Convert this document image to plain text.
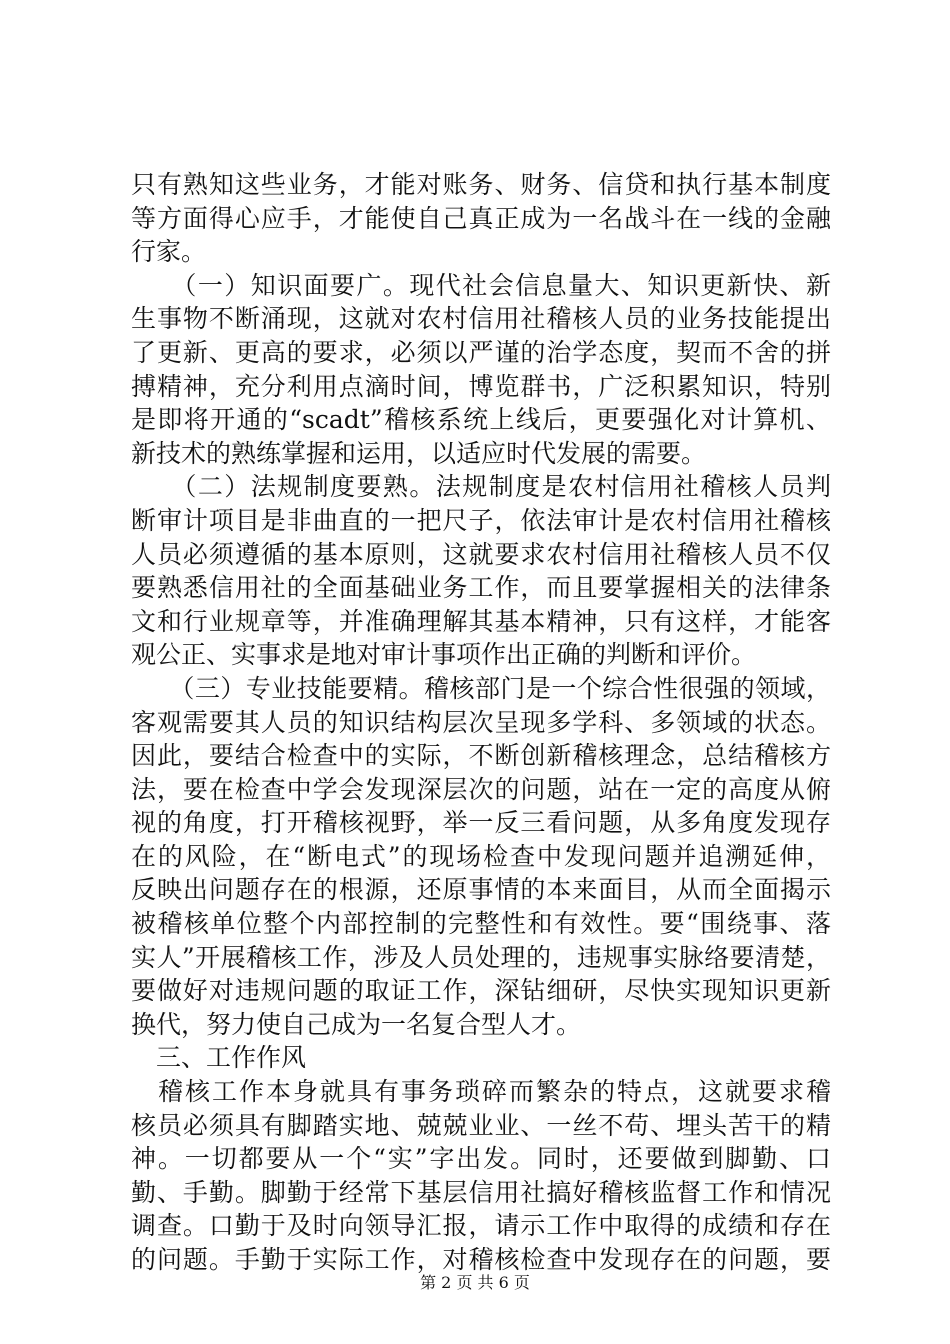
只有熟知这些业务，才能对账务、财务、信贷和执行基本制度
等方面得心应手，才能使自己真正成为一名战斗在一线的金融
行家。
　　（一）知识面要广。现代社会信息量大、知识更新快、新
生事物不断涌现，这就对农村信用社稽核人员的业务技能提出
了更新、更高的要求，必须以严谨的治学态度，契而不舍的拼
搏精神，充分利用点滴时间，博览群书，广泛积累知识，特别
是即将开通的“scadt”稽核系统上线后，更要强化对计算机、
新技术的熟练掌握和运用，以适应时代发展的需要。
　　（二）法规制度要熟。法规制度是农村信用社稽核人员判
断审计项目是非曲直的一把尺子，依法审计是农村信用社稽核
人员必须遵循的基本原则，这就要求农村信用社稽核人员不仅
要熟悉信用社的全面基础业务工作，而且要掌握相关的法律条
文和行业规章等，并准确理解其基本精神，只有这样，才能客
观公正、实事求是地对审计事项作出正确的判断和评价。
　　（三）专业技能要精。稽核部门是一个综合性很强的领域，
客观需要其人员的知识结构层次呈现多学科、多领域的状态。
因此，要结合检查中的实际，不断创新稽核理念，总结稽核方
法，要在检查中学会发现深层次的问题，站在一定的高度从俯
视的角度，打开稽核视野，举一反三看问题，从多角度发现存
在的风险，在“断电式”的现场检查中发现问题并追溯延伸，
反映出问题存在的根源，还原事情的本来面目，从而全面揭示
被稽核单位整个内部控制的完整性和有效性。要“围绕事、落
实人”开展稽核工作，涉及人员处理的，违规事实脉络要清楚，
要做好对违规问题的取证工作，深钻细研，尽快实现知识更新
换代，努力使自己成为一名复合型人才。
　三、工作作风
　稽核工作本身就具有事务琐碎而繁杂的特点，这就要求稽
核员必须具有脚踏实地、兢兢业业、一丝不苟、埋头苦干的精
神。一切都要从一个“实”字出发。同时，还要做到脚勤、口
勤、手勤。脚勤于经常下基层信用社搞好稽核监督工作和情况
调查。口勤于及时向领导汇报，请示工作中取得的成绩和存在
的问题。手勤于实际工作，对稽核检查中发现存在的问题，要
第 2 页 共 6 页
